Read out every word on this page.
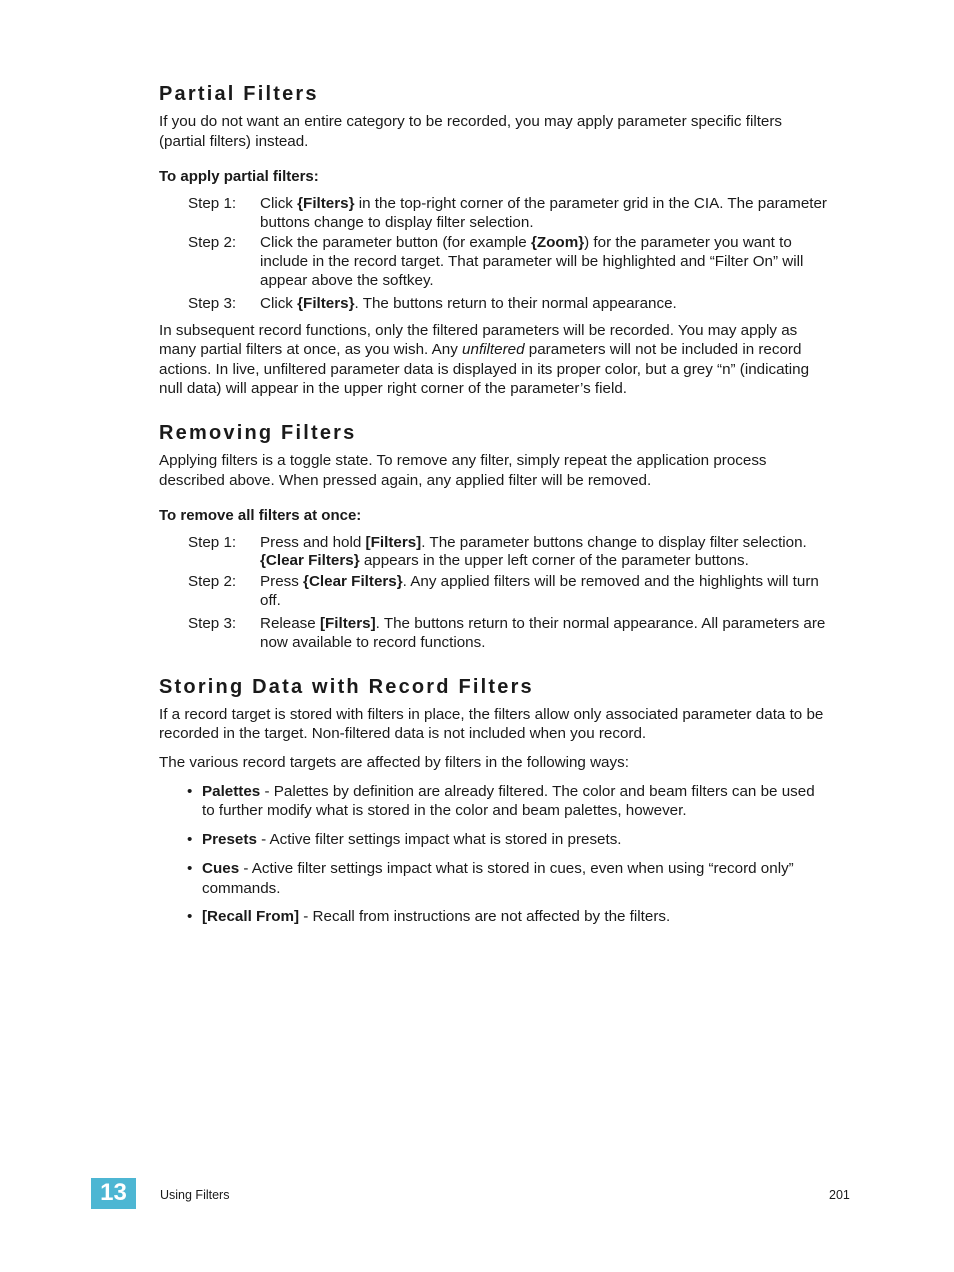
Partial Filters

If you do not want an entire category to be recorded, you may apply parameter specific filters

(partial filters) instead.

To apply partial filters:

Step 1: Click {Filters} in the top-right corner of the parameter grid in the CIA. The parameter
buttons change to display filter selection.
Step 2: Click the parameter button (for example {Zoom}) for the parameter you want to
include in the record target. That parameter will be highlighted and “Filter On” will
appear above the softkey.
Step 3: Click {Filters}. The buttons return to their normal appearance.

In subsequent record functions, only the filtered parameters will be recorded. You may apply as

many partial filters at once, as you wish. Any unfiltered parameters will not be included in record

actions. In live, unfiltered parameter data is displayed in its proper color, but a grey “n” (indicating

null data) will appear in the upper right corner of the parameter’s field.

Removing Filters

Applying filters is a toggle state. To remove any filter, simply repeat the application process

described above. When pressed again, any applied filter will be removed.

To remove all filters at once:

Step 1: Press and hold [Filters]. The parameter buttons change to display filter selection.
{Clear Filters} appears in the upper left corner of the parameter buttons.
Step 2: Press {Clear Filters}. Any applied filters will be removed and the highlights will turn
off.
Step 3: Release [Filters]. The buttons return to their normal appearance. All parameters are
now available to record functions.
Storing Data with Record Filters

If a record target is stored with filters in place, the filters allow only associated parameter data to be

recorded in the target. Non-filtered data is not included when you record.

The various record targets are affected by filters in the following ways:

• Palettes - Palettes by definition are already filtered. The color and beam filters can be used
to further modify what is stored in the color and beam palettes, however.
• Presets - Active filter settings impact what is stored in presets.
• Cues - Active filter settings impact what is stored in cues, even when using “record only”
commands.
• [Recall From] - Recall from instructions are not affected by the filters.
13	Using Filters	201
